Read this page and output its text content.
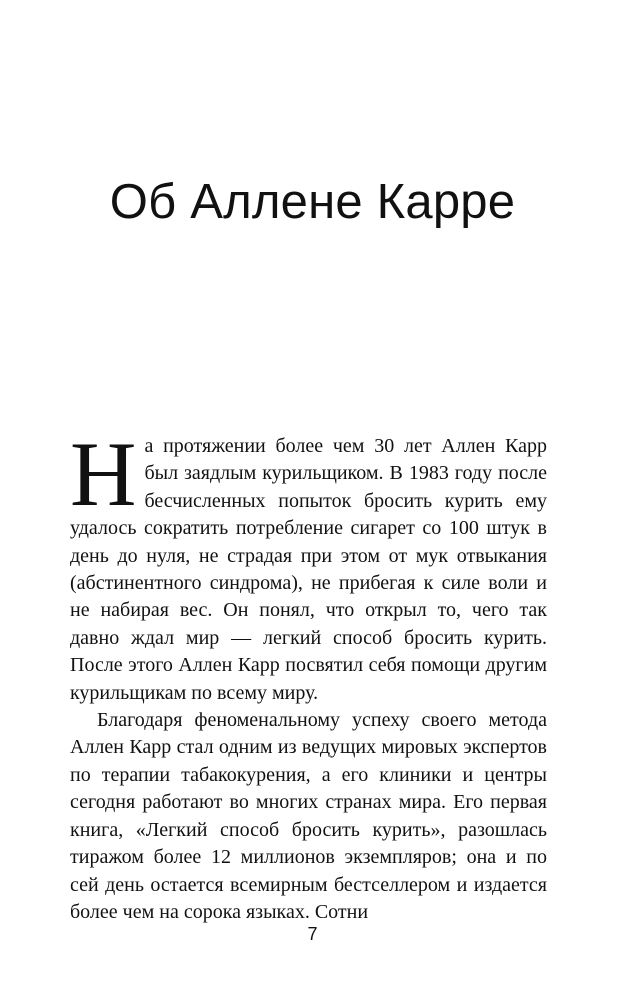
Об Аллене Карре

На протяжении более чем 30 лет Аллен Карр был заядлым курильщиком. В 1983 году после бесчисленных попыток бросить курить ему удалось сократить потребление сигарет со 100 штук в день до нуля, не страдая при этом от мук отвыкания (абстинентного синдрома), не прибегая к силе воли и не набирая вес. Он понял, что открыл то, чего так давно ждал мир — легкий способ бросить курить. После этого Аллен Карр посвятил себя помощи другим курильщикам по всему миру.

Благодаря феноменальному успеху своего метода Аллен Карр стал одним из ведущих мировых экспертов по терапии табакокурения, а его клиники и центры сегодня работают во многих странах мира. Его первая книга, «Легкий способ бросить курить», разошлась тиражом более 12 миллионов экземпляров; она и по сей день остается всемирным бестселлером и издается более чем на сорока языках. Сотни

7
